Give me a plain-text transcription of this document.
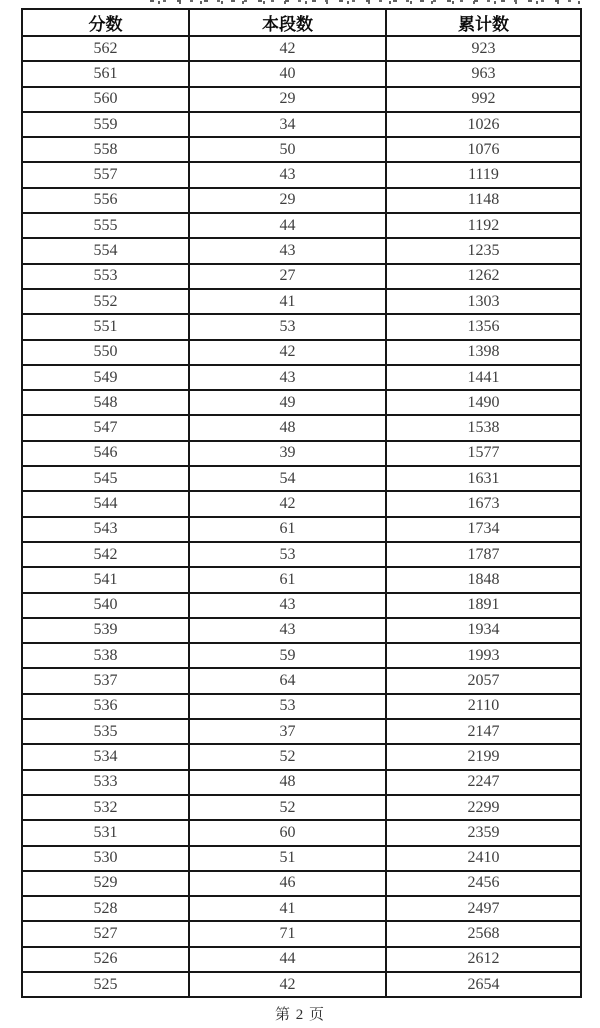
分数	本段数	累计数
562	42	923
561	40	963
560	29	992
559	34	1026
558	50	1076
557	43	1119
556	29	1148
555	44	1192
554	43	1235
553	27	1262
552	41	1303
551	53	1356
550	42	1398
549	43	1441
548	49	1490
547	48	1538
546	39	1577
545	54	1631
544	42	1673
543	61	1734
542	53	1787
541	61	1848
540	43	1891
539	43	1934
538	59	1993
537	64	2057
536	53	2110
535	37	2147
534	52	2199
533	48	2247
532	52	2299
531	60	2359
530	51	2410
529	46	2456
528	41	2497
527	71	2568
526	44	2612
525	42	2654
第 2 页
